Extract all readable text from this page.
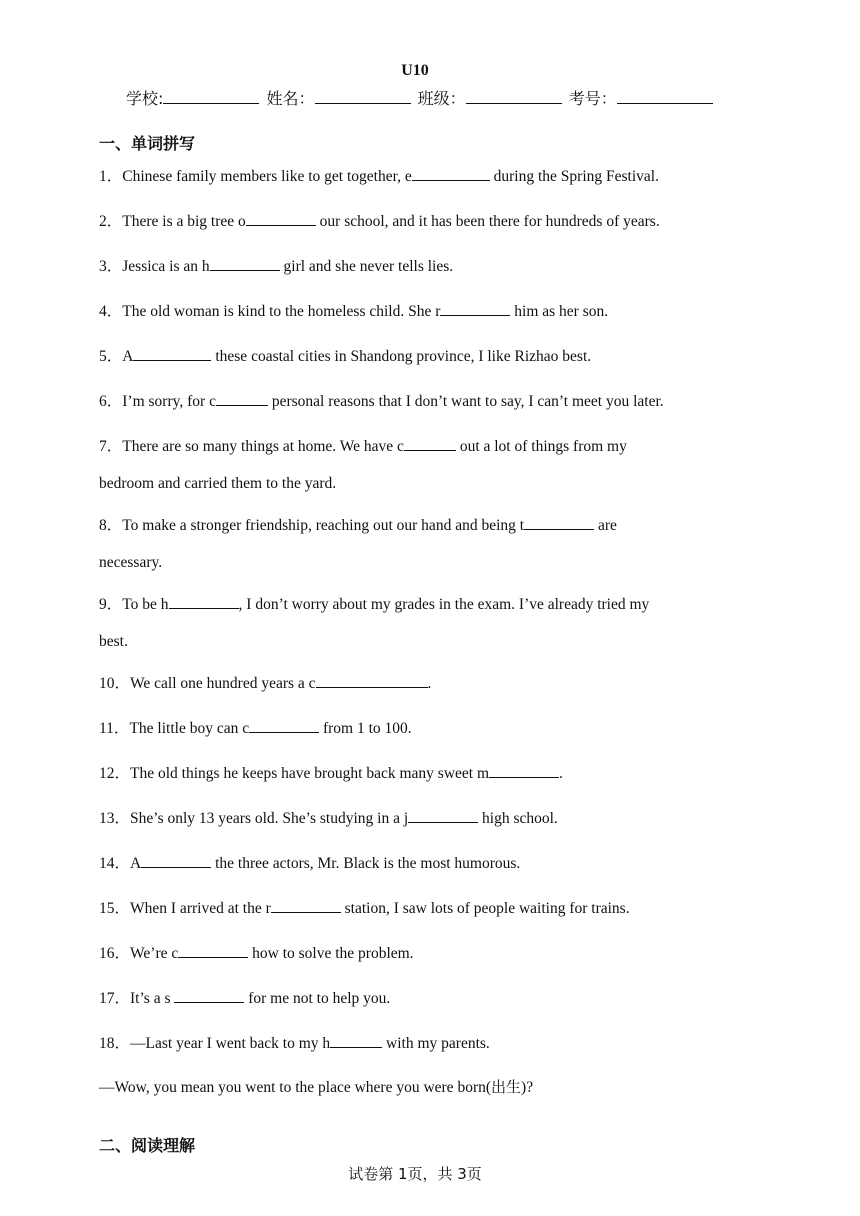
U10
学校:	姓名：	班级：	考号：
一、单词拼写
1．Chinese family members like to get together, e	during the Spring Festival.
2．There is a big tree o	our school, and it has been there for hundreds of years.
3．Jessica is an h	girl and she never tells lies.
4．The old woman is kind to the homeless child. She r	him as her son.
5．A	these coastal cities in Shandong province, I like Rizhao best.
6．I’m sorry, for c	personal reasons that I don’t want to say, I can’t meet you later.
7．There are so many things at home. We have c	out a lot of things from my
bedroom and carried them to the yard.
8．To make a stronger friendship, reaching out our hand and being t	are
necessary.
9．To be h	, I don’t worry about my grades in the exam. I’ve already tried my
best.
10．We call one hundred years a c	.
11．The little boy can c	from 1 to 100.
12．The old things he keeps have brought back many sweet m	.
13．She’s only 13 years old. She’s studying in a j	high school.
14．A	the three actors, Mr. Black is the most humorous.
15．When I arrived at the r	station, I saw lots of people waiting for trains.
16．We’re c	how to solve the problem.
17．It’s a s	for me not to help you.
18．—Last year I went back to my h	with my parents.
—Wow, you mean you went to the place where you were born(出生)?
二、阅读理解
试卷第 1页，共 3页
